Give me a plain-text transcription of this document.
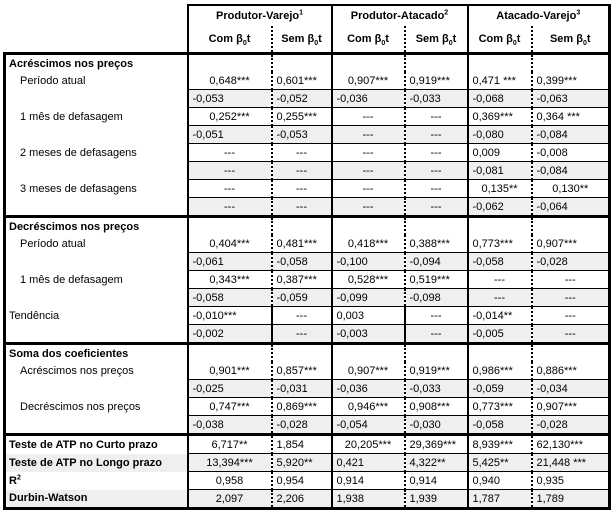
	Produtor-Varejo$^1$		Produtor-Atacado$^2$		Atacado-Varejo$^3$
	Com $\beta_0t$	Sem $\beta_0t$	Com $\beta_0t$	Sem $\beta_0t$	Com $\beta_0t$	Sem $\beta_0t$
Acréscimos nos preços						
Período atual	0,648***	0,601***	0,907***	0,919***	0,471 ***	0,399***
	-0,053	-0,052	-0,036	-0,033	-0,068	-0,063
1 mês de defasagem	0,252***	0,255***	---	---	0,369***	0,364 ***
	-0,051	-0,053	---	---	-0,080	-0,084
2 meses de defasagens	---	---	---	---	0,009	-0,008
	---	---	---	---	-0,081	-0,084
3 meses de defasagens	---	---	---	---	0,135**	0,130**
	---	---	---	---	-0,062	-0,064
Decréscimos nos preços						
Período atual	0,404***	0,481***	0,418***	0,388***	0,773***	0,907***
	-0,061	-0,058	-0,100	-0,094	-0,058	-0,028
1 mês de defasagem	0,343***	0,387***	0,528***	0,519***	---	---
	-0,058	-0,059	-0,099	-0,098	---	---
Tendência	-0,010***	---	0,003	---	-0,014**	---
	-0,002	---	-0,003	---	-0,005	---
Soma dos coeficientes						
Acréscimos nos preços	0,901***	0,857***	0,907***	0,919***	0,986***	0,886***
	-0,025	-0,031	-0,036	-0,033	-0,059	-0,034
Decréscimos nos preços	0,747***	0,869***	0,946***	0,908***	0,773***	0,907***
	-0,038	-0,028	-0,054	-0,030	-0,058	-0,028
Teste de ATP no Curto prazo	6,717**	1,854	20,205***	29,369***	8,939***	62,130***
Teste de ATP no Longo prazo	13,394***	5,920**	0,421	4,322**	5,425**	21,448 ***
$R^2$	0,958	0,954	0,914	0,914	0,940	0,935
Durbin-Watson	2,097	2,206	1,938	1,939	1,787	1,789
